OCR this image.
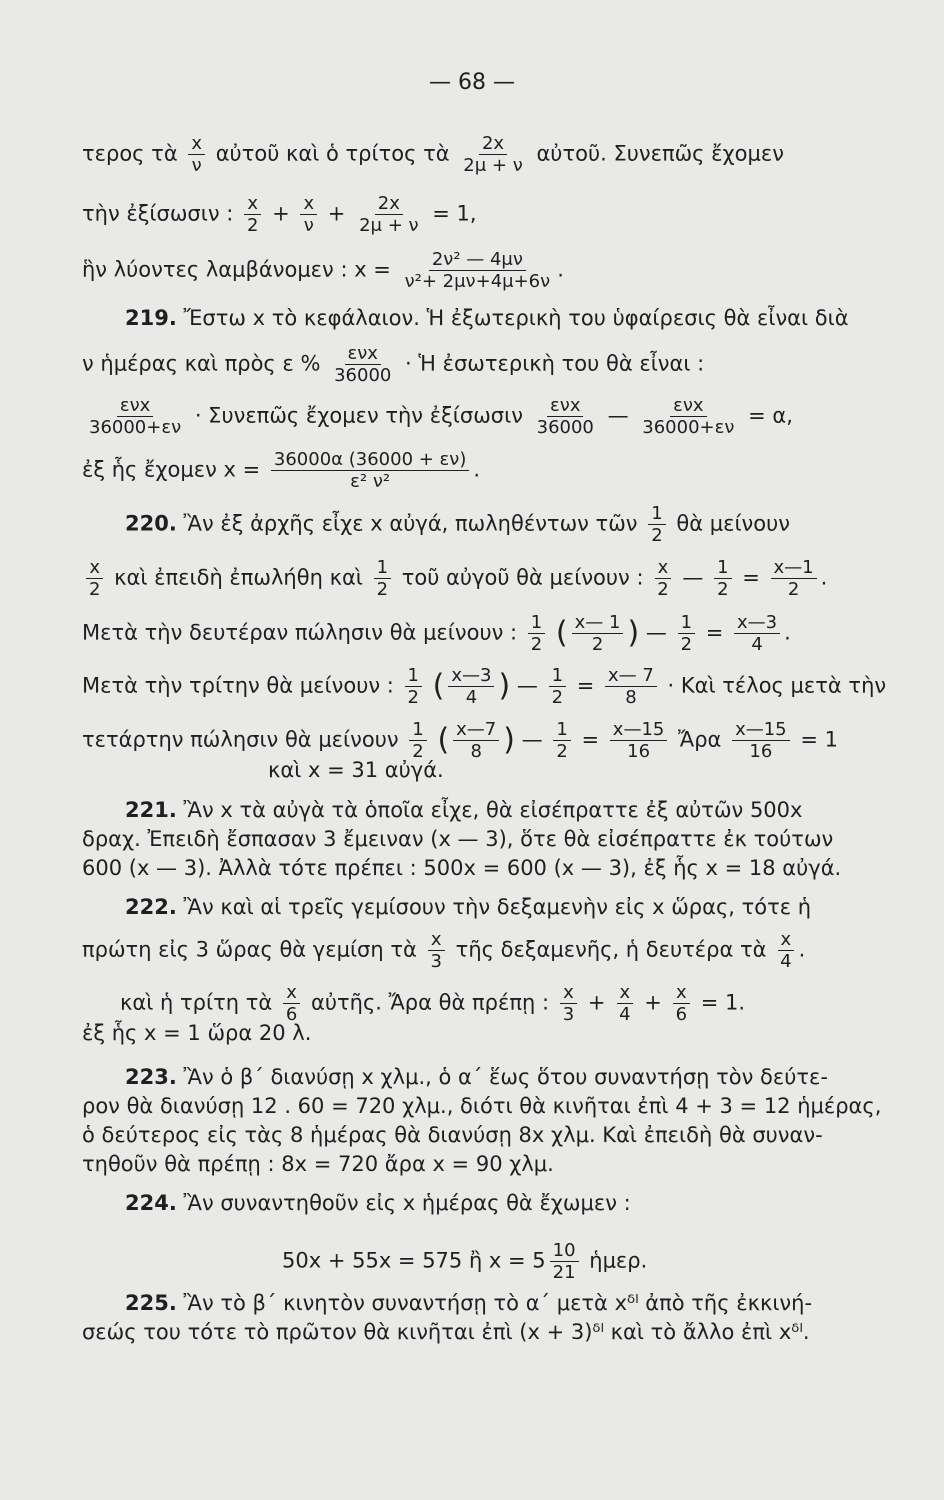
— 68 —
τερος τὰ $\frac{x}{\nu}$ αὐτοῦ καὶ ὁ τρίτος τὰ $\frac{2x}{2\mu + \nu}$ αὐτοῦ. Συνεπῶς ἔχομεν
τὴν ἐξίσωσιν : $\frac{x}{2} + \frac{x}{\nu} + \frac{2x}{2\mu + \nu} = 1$,
ἣν λύοντες λαμβάνομεν : $x = \frac{\text{2ν² — 4μν}}{\text{ν²+ 2μν+4μ+6ν}}$ .
219. Ἔστω x τὸ κεφάλαιον. Ἡ ἐξωτερικὴ του ὑφαίρεσις θὰ εἶναι διὰ
ν ἡμέρας καὶ πρὸς ε % $\frac{\text{ενx}}{36000}$ · Ἡ ἐσωτερικὴ του θὰ εἶναι :
$\frac{\text{ενx}}{36000+\varepsilon\nu}$ · Συνεπῶς ἔχομεν τὴν ἐξίσωσιν $\frac{\text{ενx}}{36000}$ — $\frac{\text{ενx}}{36000+\varepsilon\nu} = \alpha$,
ἐξ ἧς ἔχομεν $x = \frac{36000\alpha (36000 + \varepsilon\nu)}{\text{ε² ν²}}$ .
220. Ἂν ἐξ ἀρχῆς εἶχε x αὐγά, πωληθέντων τῶν $\frac{1}{2}$ θὰ μείνουν
$\frac{x}{2}$ καὶ ἐπειδὴ ἐπωλήθη καὶ $\frac{1}{2}$ τοῦ αὐγοῦ θὰ μείνουν : $\frac{x}{2}$ — $\frac{1}{2} = \frac{x—1}{2}$ .
Μετὰ τὴν δευτέραν πώλησιν θὰ μείνουν : $\frac{1}{2}$ ( $\frac{x— 1}{2}$ ) — $\frac{1}{2} = \frac{x—3}{4}$ .
Μετὰ τὴν τρίτην θὰ μείνουν : $\frac{1}{2}$ ( $\frac{x—3}{4}$ ) — $\frac{1}{2} = \frac{x— 7}{8}$ · Καὶ τέλος μετὰ τὴν
τετάρτην πώλησιν θὰ μείνουν $\frac{1}{2}$ ( $\frac{x—7}{8}$ ) — $\frac{1}{2} = \frac{x—15}{16}$ Ἄρα $\frac{x—15}{16} = 1$
καὶ x = 31 αὐγά.
221. Ἂν x τὰ αὐγὰ τὰ ὁποῖα εἶχε, θὰ εἰσέπραττε ἐξ αὐτῶν 500x
δραχ. Ἐπειδὴ ἔσπασαν 3 ἔμειναν (x — 3), ὅτε θὰ εἰσέπραττε ἐκ τούτων
600 (x — 3). Ἀλλὰ τότε πρέπει : 500x = 600 (x — 3), ἐξ ἧς x = 18 αὐγά.
222. Ἂν καὶ αἱ τρεῖς γεμίσουν τὴν δεξαμενὴν εἰς x ὥρας, τότε ἡ
πρώτη εἰς 3 ὥρας θὰ γεμίση τὰ $\frac{x}{3}$ τῆς δεξαμενῆς, ἡ δευτέρα τὰ $\frac{x}{4}$ .
καὶ ἡ τρίτη τὰ $\frac{x}{6}$ αὐτῆς. Ἄρα θὰ πρέπῃ : $\frac{x}{3} + \frac{x}{4} + \frac{x}{6} = 1$.
ἐξ ἧς x = 1 ὥρα 20 λ.
223. Ἂν ὁ β΄ διανύσῃ x χλμ., ὁ α΄ ἕως ὅτου συναντήσῃ τὸν δεύτε-
ρον θὰ διανύσῃ 12 . 60 = 720 χλμ., διότι θὰ κινῆται ἐπὶ 4 + 3 = 12 ἡμέρας,
ὁ δεύτερος εἰς τὰς 8 ἡμέρας θὰ διανύσῃ 8x χλμ. Καὶ ἐπειδὴ θὰ συναν-
τηθοῦν θὰ πρέπῃ : 8x = 720 ἄρα x = 90 χλμ.
224. Ἂν συναντηθοῦν εἰς x ἡμέρας θὰ ἔχωμεν :
50x + 55x = 575 ἢ $x = 5 \frac{10}{21}$ ἡμερ.
225. Ἂν τὸ β΄ κινητὸν συναντήσῃ τὸ α΄ μετὰ xᵟˡ ἀπὸ τῆς ἐκκινή-
σεώς του τότε τὸ πρῶτον θὰ κινῆται ἐπὶ (x + 3)ᵟˡ καὶ τὸ ἄλλο ἐπὶ xᵟˡ.
